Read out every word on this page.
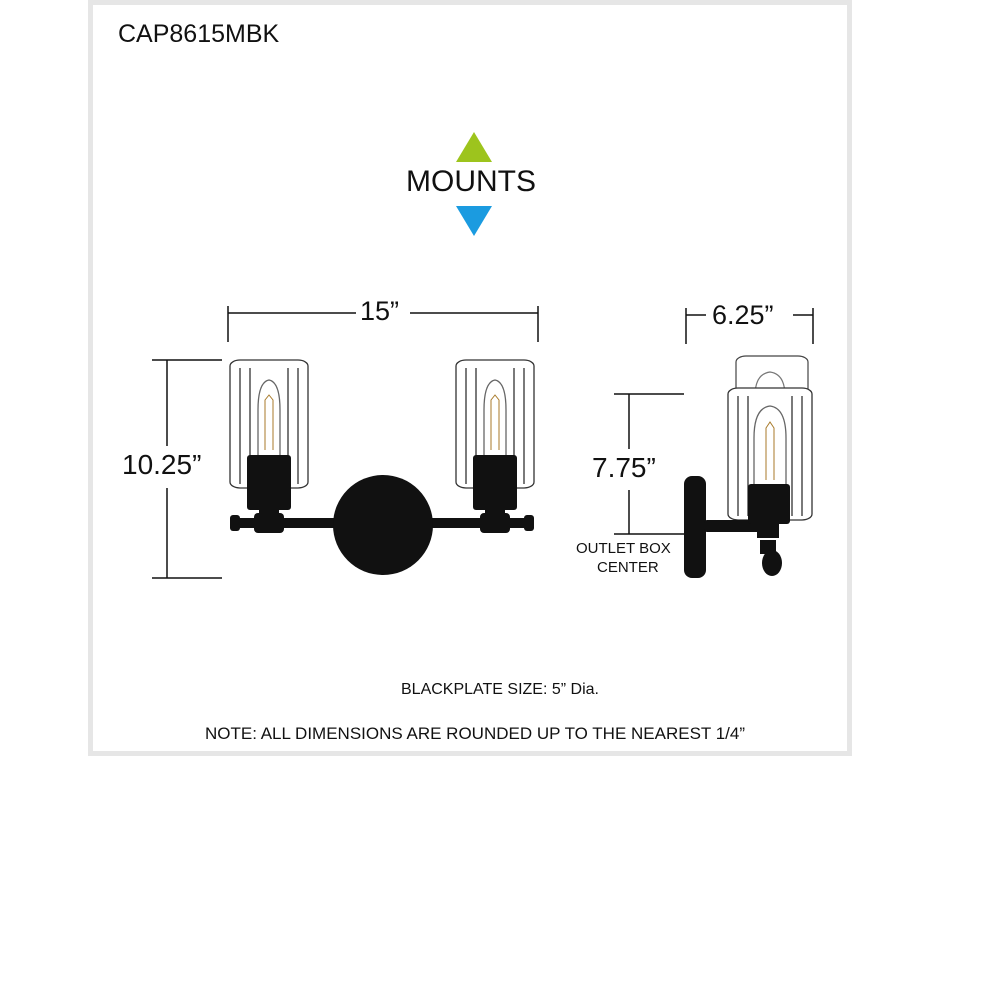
CAP8615MBK
MOUNTS
15”
10.25”
6.25”
7.75”
OUTLET BOX
CENTER
BLACKPLATE SIZE: 5” Dia.
NOTE: ALL DIMENSIONS ARE ROUNDED UP TO THE NEAREST 1/4”
